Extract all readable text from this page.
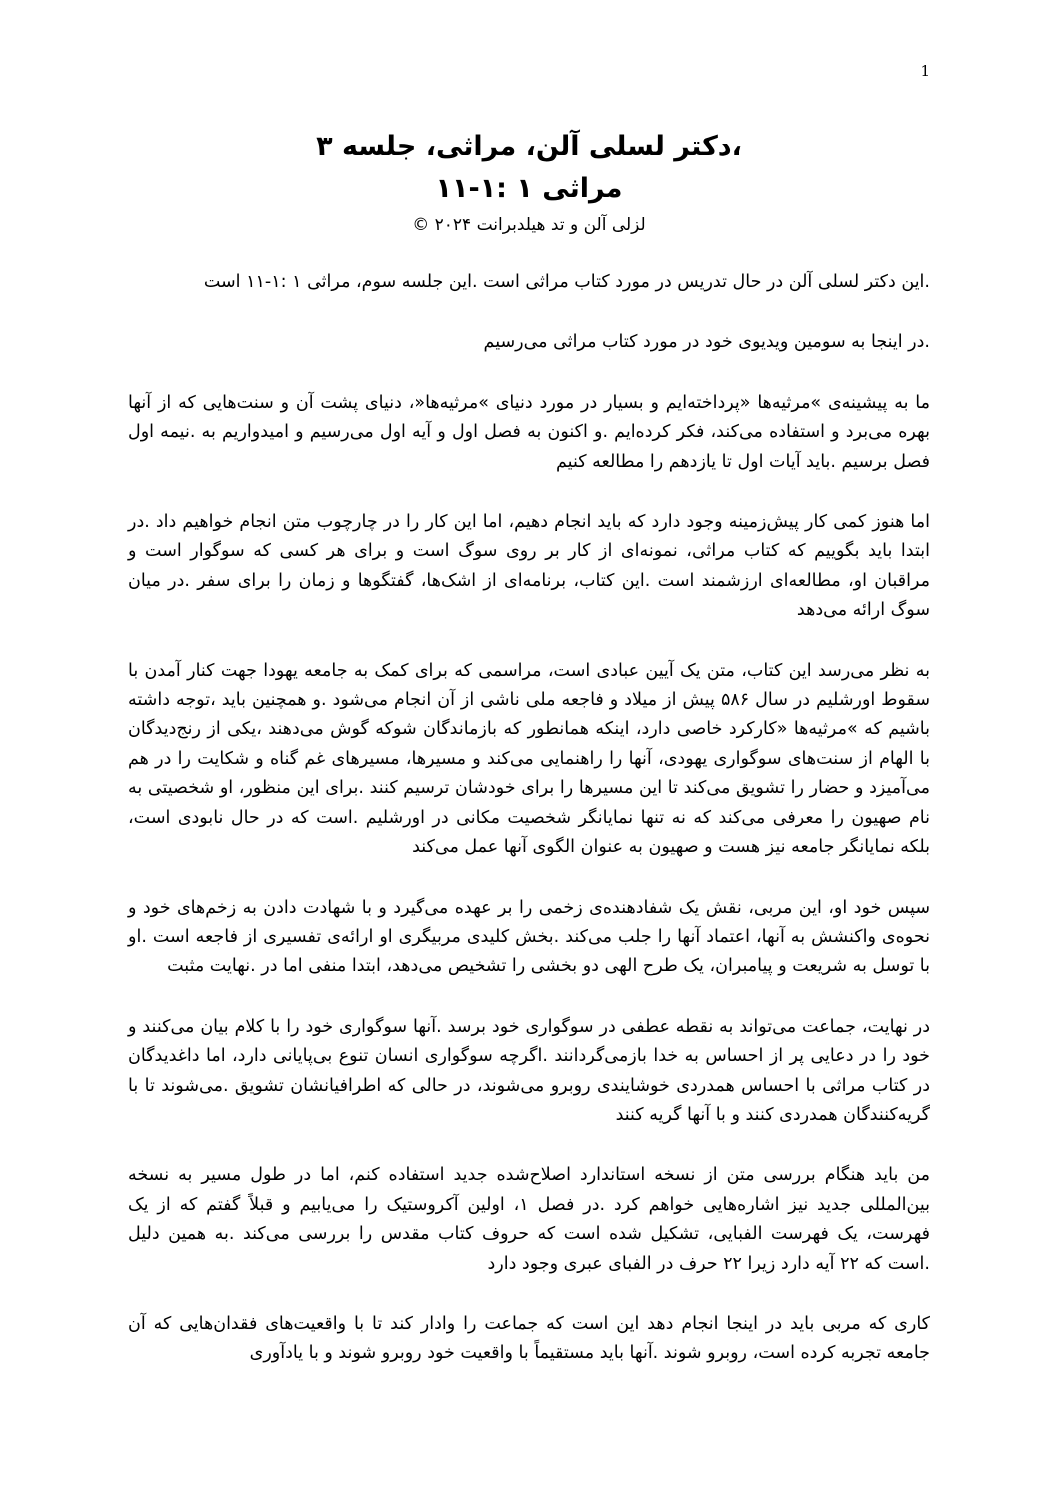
1

،دکتر لسلی آلن، مراثی، جلسه ۳

مراثی ۱ :۱-۱۱

لزلی آلن و تد هیلدبرانت ۲۰۲۴ ©

.این دکتر لسلی آلن در حال تدریس در مورد کتاب مراثی است .این جلسه سوم، مراثی ۱ :۱-۱۱ است

.در اینجا به سومین ویدیوی خود در مورد کتاب مراثی می‌رسیم

ما به پیشینه‌ی »مرثیه‌ها «پرداخته‌ایم و بسیار در مورد دنیای »مرثیه‌ها«، دنیای پشت آن و سنت‌هایی که از آنها بهره می‌برد و استفاده می‌کند، فکر کرده‌ایم .و اکنون به فصل اول و آیه اول می‌رسیم و امیدواریم به .نیمه اول فصل برسیم .باید آیات اول تا یازدهم را مطالعه کنیم

اما هنوز کمی کار پیش‌زمینه وجود دارد که باید انجام دهیم، اما این کار را در چارچوب متن انجام خواهیم داد .در ابتدا باید بگوییم که کتاب مراثی، نمونه‌ای از کار بر روی سوگ است و برای هر کسی که سوگوار است و مراقبان او، مطالعه‌ای ارزشمند است .این کتاب، برنامه‌ای از اشک‌ها، گفتگوها و زمان را برای سفر .در میان سوگ ارائه می‌دهد

به نظر می‌رسد این کتاب، متن یک آیین عبادی است، مراسمی که برای کمک به جامعه یهودا جهت کنار آمدن با سقوط اورشلیم در سال ۵۸۶ پیش از میلاد و فاجعه ملی ناشی از آن انجام می‌شود .و همچنین باید ،توجه داشته باشیم که »مرثیه‌ها «کارکرد خاصی دارد، اینکه همانطور که بازماندگان شوکه گوش می‌دهند ،یکی از رنج‌دیدگان با الهام از سنت‌های سوگواری یهودی، آنها را راهنمایی می‌کند و مسیرها، مسیرهای غم گناه و شکایت را در هم می‌آمیزد و حضار را تشویق می‌کند تا این مسیرها را برای خودشان ترسیم کنند .برای این منظور، او شخصیتی به نام صهیون را معرفی می‌کند که نه تنها نمایانگر شخصیت مکانی در اورشلیم .است که در حال نابودی است، بلکه نمایانگر جامعه نیز هست و صهیون به عنوان الگوی آنها عمل می‌کند

سپس خود او، این مربی، نقش یک شفادهنده‌ی زخمی را بر عهده می‌گیرد و با شهادت دادن به زخم‌های خود و نحوه‌ی واکنشش به آنها، اعتماد آنها را جلب می‌کند .بخش کلیدی مربیگری او ارائه‌ی تفسیری از فاجعه است .او با توسل به شریعت و پیامبران، یک طرح الهی دو بخشی را تشخیص می‌دهد، ابتدا منفی اما در .نهایت مثبت

در نهایت، جماعت می‌تواند به نقطه عطفی در سوگواری خود برسد .آنها سوگواری خود را با کلام بیان می‌کنند و خود را در دعایی پر از احساس به خدا بازمی‌گردانند .اگرچه سوگواری انسان تنوع بی‌پایانی دارد، اما داغدیدگان در کتاب مراثی با احساس همدردی خوشایندی روبرو می‌شوند، در حالی که اطرافیانشان تشویق .می‌شوند تا با گریه‌کنندگان همدردی کنند و با آنها گریه کنند

من باید هنگام بررسی متن از نسخه استاندارد اصلاح‌شده جدید استفاده کنم، اما در طول مسیر به نسخه بین‌المللی جدید نیز اشاره‌هایی خواهم کرد .در فصل ۱، اولین آکروستیک را می‌یابیم و قبلاً گفتم که از یک فهرست، یک فهرست الفبایی، تشکیل شده است که حروف کتاب مقدس را بررسی می‌کند .به همین دلیل .است که ۲۲ آیه دارد زیرا ۲۲ حرف در الفبای عبری وجود دارد

کاری که مربی باید در اینجا انجام دهد این است که جماعت را وادار کند تا با واقعیت‌های فقدان‌هایی که آن جامعه تجربه کرده است، روبرو شوند .آنها باید مستقیماً با واقعیت خود روبرو شوند و با یادآوری
